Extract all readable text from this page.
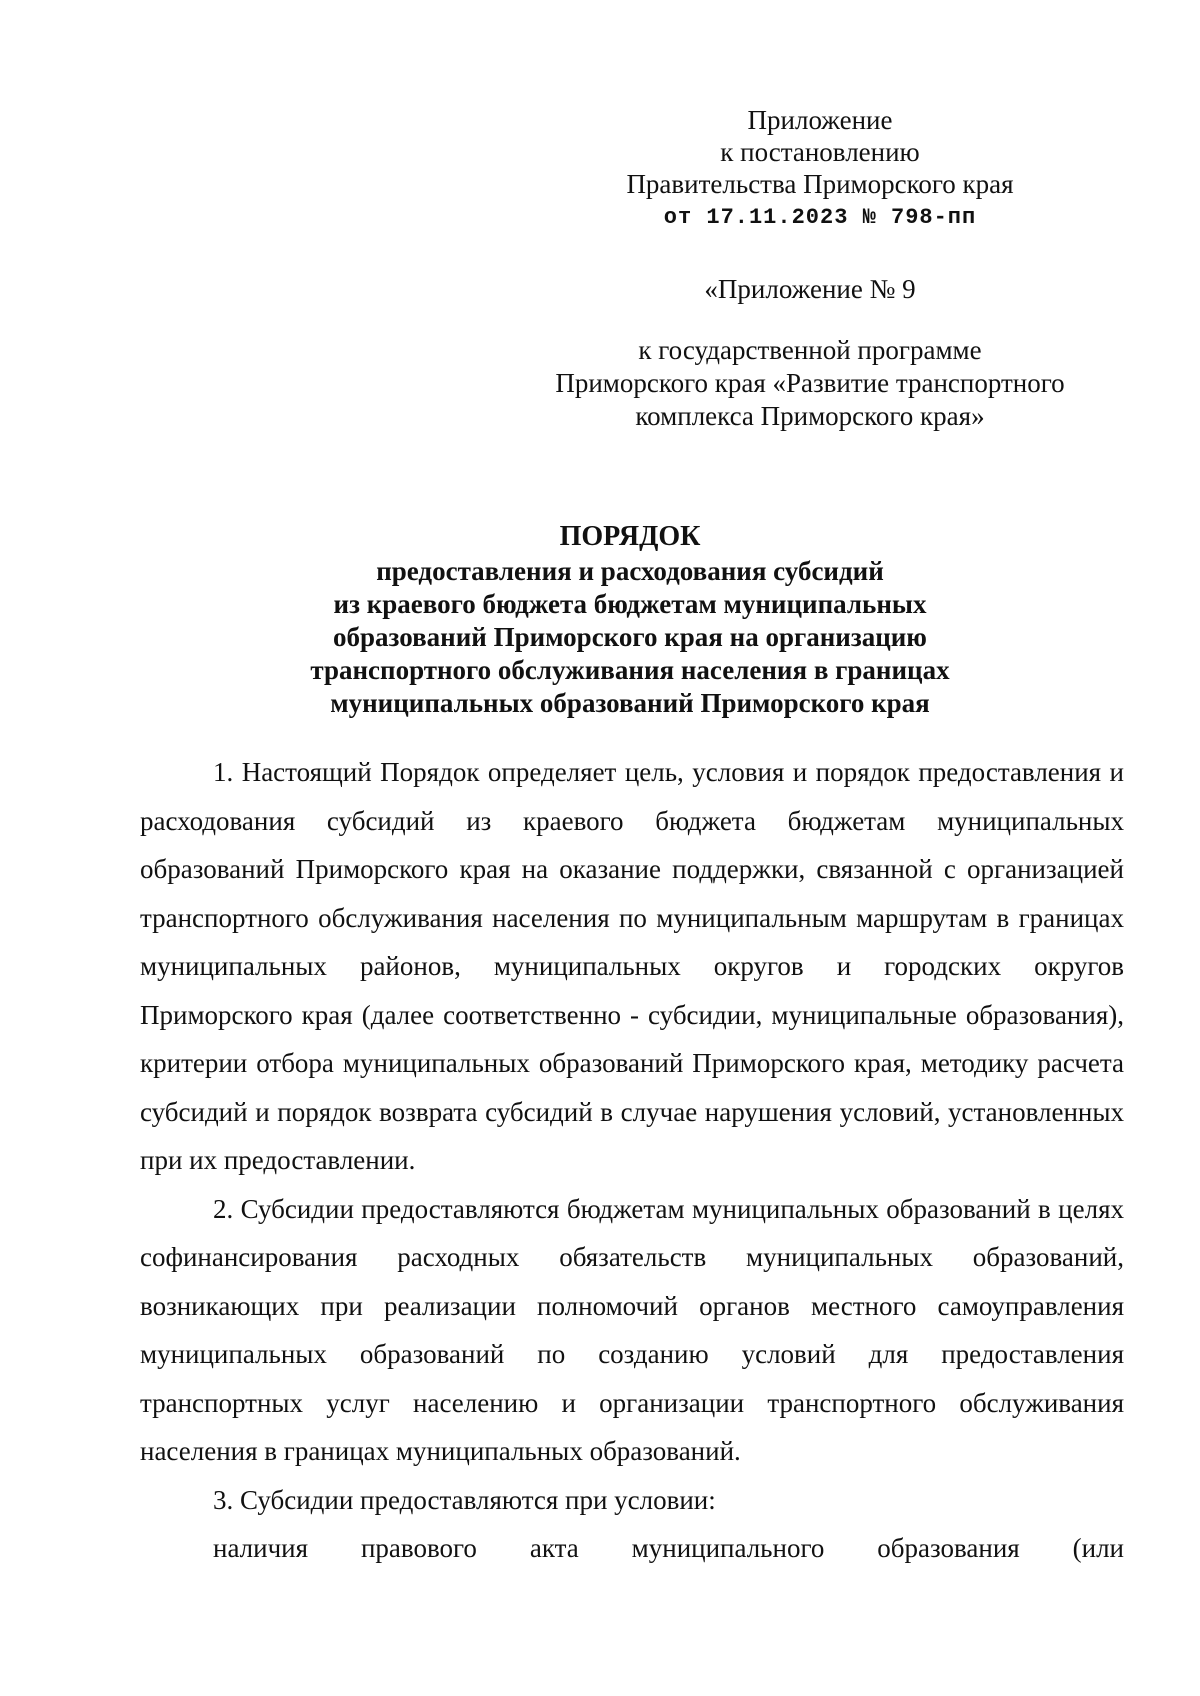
Приложение
к постановлению
Правительства Приморского края
от 17.11.2023 № 798-пп
«Приложение № 9
к государственной программе
Приморского края «Развитие транспортного
комплекса Приморского края»
ПОРЯДОК
предоставления и расходования субсидий
из краевого бюджета бюджетам муниципальных
образований Приморского края на организацию
транспортного обслуживания населения в границах
муниципальных образований Приморского края

1. Настоящий Порядок определяет цель, условия и порядок предоставления и расходования субсидий из краевого бюджета бюджетам муниципальных образований Приморского края на оказание поддержки, связанной с организацией транспортного обслуживания населения по муниципальным маршрутам в границах муниципальных районов, муниципальных округов и городских округов Приморского края (далее соответственно - субсидии, муниципальные образования), критерии отбора муниципальных образований Приморского края, методику расчета субсидий и порядок возврата субсидий в случае нарушения условий, установленных при их предоставлении.

2. Субсидии предоставляются бюджетам муниципальных образований в целях софинансирования расходных обязательств муниципальных образований, возникающих при реализации полномочий органов местного самоуправления муниципальных образований по созданию условий для предоставления транспортных услуг населению и организации транспортного обслуживания населения в границах муниципальных образований.

3. Субсидии предоставляются при условии:

наличия правового акта муниципального образования (или
